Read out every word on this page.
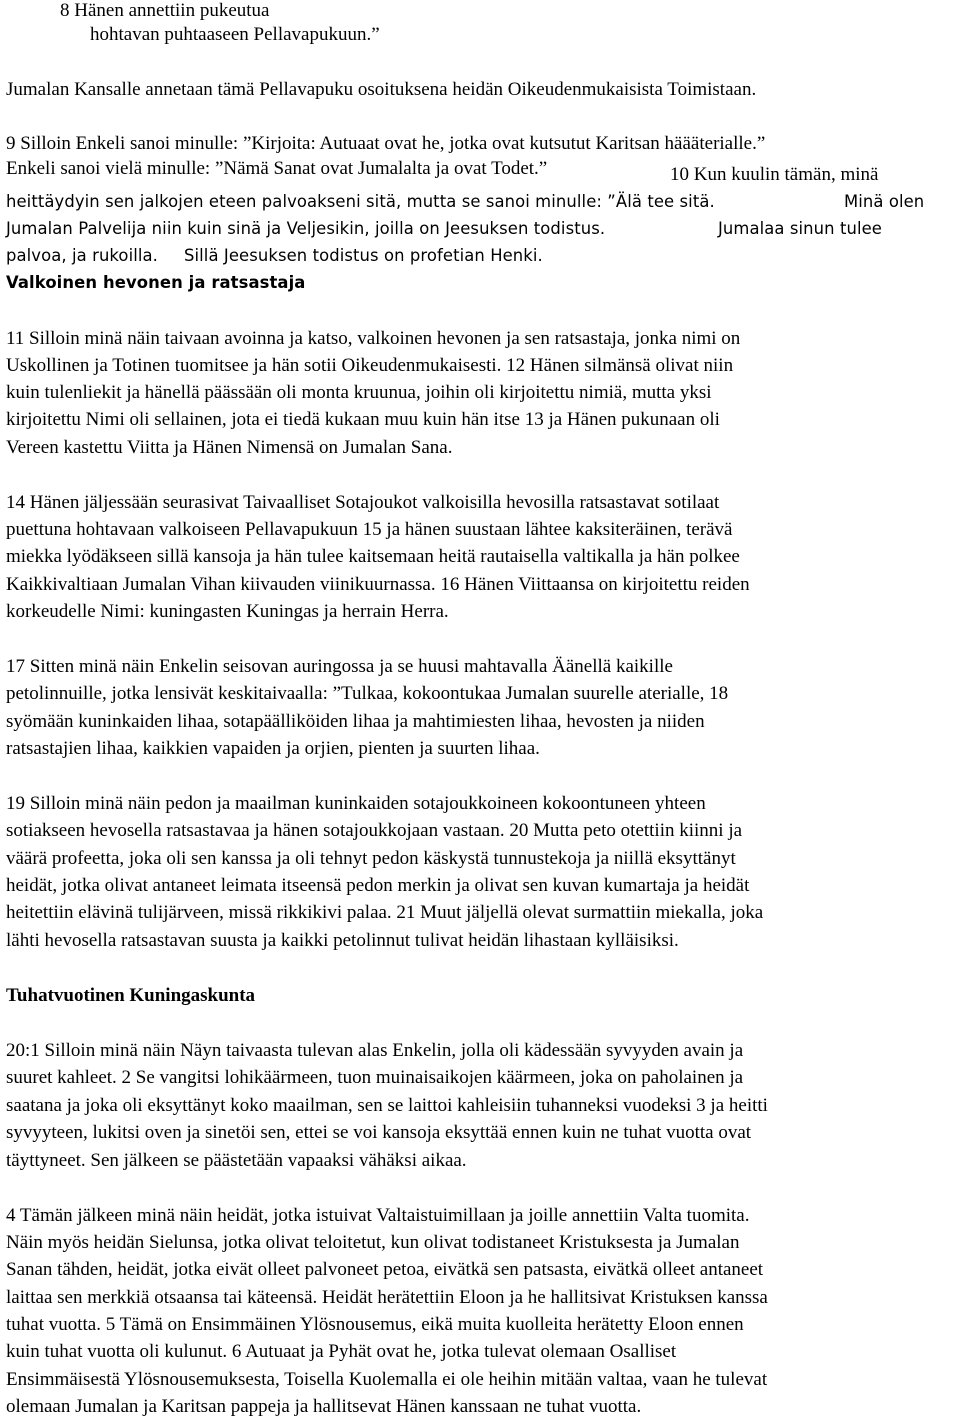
8 Hänen annettiin pukeutua
hohtavan puhtaaseen Pellavapukuun.”
Jumalan Kansalle annetaan tämä Pellavapuku osoituksena heidän Oikeudenmukaisista Toimistaan.
9 Silloin Enkeli sanoi minulle: ”Kirjoita: Autuaat ovat he, jotka ovat kutsutut Karitsan häääterialle.”
Enkeli sanoi vielä minulle: ”Nämä Sanat ovat Jumalalta ja ovat Todet.”	10 Kun kuulin tämän, minä
heittäydyin sen jalkojen eteen palvoakseni sitä, mutta se sanoi minulle: ”Älä tee sitä.	Minä olen
Jumalan Palvelija niin kuin sinä ja Veljesikin, joilla on Jeesuksen todistus.	Jumalaa sinun tulee
palvoa, ja rukoilla. Sillä Jeesuksen todistus on profetian Henki.
Valkoinen hevonen ja ratsastaja
11 Silloin minä näin taivaan avoinna ja katso, valkoinen hevonen ja sen ratsastaja, jonka nimi on
Uskollinen ja Totinen tuomitsee ja hän sotii Oikeudenmukaisesti. 12 Hänen silmänsä olivat niin
kuin tulenliekit ja hänellä päässään oli monta kruunua, joihin oli kirjoitettu nimiä, mutta yksi
kirjoitettu Nimi oli sellainen, jota ei tiedä kukaan muu kuin hän itse 13 ja Hänen pukunaan oli
Vereen kastettu Viitta ja Hänen Nimensä on Jumalan Sana.
14 Hänen jäljessään seurasivat Taivaalliset Sotajoukot valkoisilla hevosilla ratsastavat sotilaat
puettuna hohtavaan valkoiseen Pellavapukuun 15 ja hänen suustaan lähtee kaksiteräinen, terävä
miekka lyödäkseen sillä kansoja ja hän tulee kaitsemaan heitä rautaisella valtikalla ja hän polkee
Kaikkivaltiaan Jumalan Vihan kiivauden viinikuurnassa. 16 Hänen Viittaansa on kirjoitettu reiden
korkeudelle Nimi: kuningasten Kuningas ja herrain Herra.
17 Sitten minä näin Enkelin seisovan auringossa ja se huusi mahtavalla Äänellä kaikille
petolinnuille, jotka lensivät keskitaivaalla: ”Tulkaa, kokoontukaa Jumalan suurelle aterialle, 18
syömään kuninkaiden lihaa, sotapäälliköiden lihaa ja mahtimiesten lihaa, hevosten ja niiden
ratsastajien lihaa, kaikkien vapaiden ja orjien, pienten ja suurten lihaa.
19 Silloin minä näin pedon ja maailman kuninkaiden sotajoukkoineen kokoontuneen yhteen
sotiakseen hevosella ratsastavaa ja hänen sotajoukkojaan vastaan. 20 Mutta peto otettiin kiinni ja
väärä profeetta, joka oli sen kanssa ja oli tehnyt pedon käskystä tunnustekoja ja niillä eksyttänyt
heidät, jotka olivat antaneet leimata itseensä pedon merkin ja olivat sen kuvan kumartaja ja heidät
heitettiin elävinä tulijärveen, missä rikkikivi palaa. 21 Muut jäljellä olevat surmattiin miekalla, joka
lähti hevosella ratsastavan suusta ja kaikki petolinnut tulivat heidän lihastaan kylläisiksi.
Tuhatvuotinen Kuningaskunta
20:1 Silloin minä näin Näyn taivaasta tulevan alas Enkelin, jolla oli kädessään syvyyden avain ja
suuret kahleet. 2 Se vangitsi lohikäärmeen, tuon muinaisaikojen käärmeen, joka on paholainen ja
saatana ja joka oli eksyttänyt koko maailman, sen se laittoi kahleisiin tuhanneksi vuodeksi 3 ja heitti
syvyyteen, lukitsi oven ja sinetöi sen, ettei se voi kansoja eksyttää ennen kuin ne tuhat vuotta ovat
täyttyneet. Sen jälkeen se päästetään vapaaksi vähäksi aikaa.
4 Tämän jälkeen minä näin heidät, jotka istuivat Valtaistuimillaan ja joille annettiin Valta tuomita.
Näin myös heidän Sielunsa, jotka olivat teloitetut, kun olivat todistaneet Kristuksesta ja Jumalan
Sanan tähden, heidät, jotka eivät olleet palvoneet petoa, eivätkä sen patsasta, eivätkä olleet antaneet
laittaa sen merkkiä otsaansa tai käteensä. Heidät herätettiin Eloon ja he hallitsivat Kristuksen kanssa
tuhat vuotta. 5 Tämä on Ensimmäinen Ylösnousemus, eikä muita kuolleita herätetty Eloon ennen
kuin tuhat vuotta oli kulunut. 6 Autuaat ja Pyhät ovat he, jotka tulevat olemaan Osalliset
Ensimmäisestä Ylösnousemuksesta, Toisella Kuolemalla ei ole heihin mitään valtaa, vaan he tulevat
olemaan Jumalan ja Karitsan pappeja ja hallitsevat Hänen kanssaan ne tuhat vuotta.
